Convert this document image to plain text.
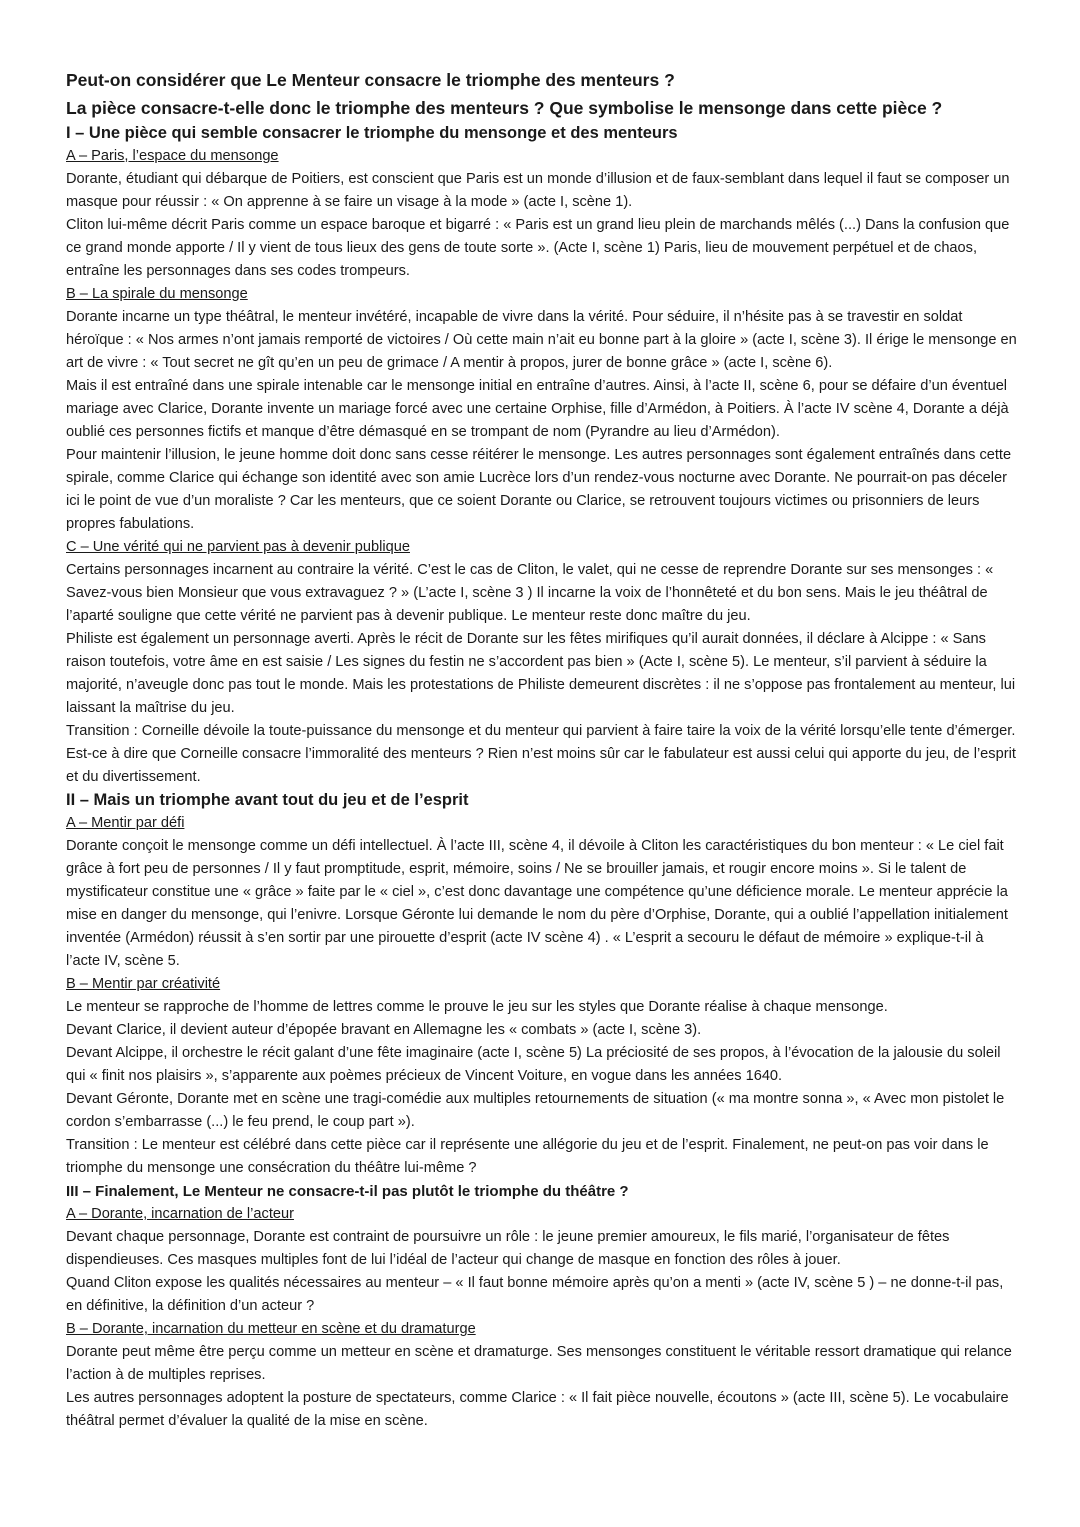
Peut-on considérer que Le Menteur consacre le triomphe des menteurs ?

La pièce consacre-t-elle donc le triomphe des menteurs ? Que symbolise le mensonge dans cette pièce ?

I – Une pièce qui semble consacrer le triomphe du mensonge et des menteurs

A – Paris, l’espace du mensonge

Dorante, étudiant qui débarque de Poitiers, est conscient que Paris est un monde d’illusion et de faux-semblant dans lequel il faut se composer un masque pour réussir : « On apprenne à se faire un visage à la mode » (acte I, scène 1).

Cliton lui-même décrit Paris comme un espace baroque et bigarré : « Paris est un grand lieu plein de marchands mêlés (...) Dans la confusion que ce grand monde apporte / Il y vient de tous lieux des gens de toute sorte ». (Acte I, scène 1) Paris, lieu de mouvement perpétuel et de chaos, entraîne les personnages dans ses codes trompeurs.

B – La spirale du mensonge

Dorante incarne un type théâtral, le menteur invétéré, incapable de vivre dans la vérité. Pour séduire, il n’hésite pas à se travestir en soldat héroïque : « Nos armes n’ont jamais remporté de victoires / Où cette main n’ait eu bonne part à la gloire » (acte I, scène 3). Il érige le mensonge en art de vivre : « Tout secret ne gît qu’en un peu de grimace / A mentir à propos, jurer de bonne grâce » (acte I, scène 6).

Mais il est entraîné dans une spirale intenable car le mensonge initial en entraîne d’autres. Ainsi, à l’acte II, scène 6, pour se défaire d’un éventuel mariage avec Clarice, Dorante invente un mariage forcé avec une certaine Orphise, fille d’Armédon, à Poitiers. À l’acte IV scène 4, Dorante a déjà oublié ces personnes fictifs et manque d’être démasqué en se trompant de nom (Pyrandre au lieu d’Armédon).

Pour maintenir l’illusion, le jeune homme doit donc sans cesse réitérer le mensonge. Les autres personnages sont également entraînés dans cette spirale, comme Clarice qui échange son identité avec son amie Lucrèce lors d’un rendez-vous nocturne avec Dorante. Ne pourrait-on pas déceler ici le point de vue d’un moraliste ? Car les menteurs, que ce soient Dorante ou Clarice, se retrouvent toujours victimes ou prisonniers de leurs propres fabulations.

C – Une vérité qui ne parvient pas à devenir publique

Certains personnages incarnent au contraire la vérité. C’est le cas de Cliton, le valet, qui ne cesse de reprendre Dorante sur ses mensonges : « Savez-vous bien Monsieur que vous extravaguez ? » (L’acte I, scène 3 ) Il incarne la voix de l’honnêteté et du bon sens. Mais le jeu théâtral de l’aparté souligne que cette vérité ne parvient pas à devenir publique. Le menteur reste donc maître du jeu.

Philiste est également un personnage averti. Après le récit de Dorante sur les fêtes mirifiques qu’il aurait données, il déclare à Alcippe : « Sans raison toutefois, votre âme en est saisie / Les signes du festin ne s’accordent pas bien » (Acte I, scène 5). Le menteur, s’il parvient à séduire la majorité, n’aveugle donc pas tout le monde. Mais les protestations de Philiste demeurent discrètes : il ne s’oppose pas frontalement au menteur, lui laissant la maîtrise du jeu.

Transition : Corneille dévoile la toute-puissance du mensonge et du menteur qui parvient à faire taire la voix de la vérité lorsqu’elle tente d’émerger. Est-ce à dire que Corneille consacre l’immoralité des menteurs ? Rien n’est moins sûr car le fabulateur est aussi celui qui apporte du jeu, de l’esprit et du divertissement.

II – Mais un triomphe avant tout du jeu et de l’esprit

A – Mentir par défi

Dorante conçoit le mensonge comme un défi intellectuel. À l’acte III, scène 4, il dévoile à Cliton les caractéristiques du bon menteur : « Le ciel fait grâce à fort peu de personnes / Il y faut promptitude, esprit, mémoire, soins / Ne se brouiller jamais, et rougir encore moins ». Si le talent de mystificateur constitue une « grâce » faite par le « ciel », c’est donc davantage une compétence qu’une déficience morale. Le menteur apprécie la mise en danger du mensonge, qui l’enivre. Lorsque Géronte lui demande le nom du père d’Orphise, Dorante, qui a oublié l’appellation initialement inventée (Armédon) réussit à s’en sortir par une pirouette d’esprit (acte IV scène 4) . « L’esprit a secouru le défaut de mémoire » explique-t-il à l’acte IV, scène 5.

B – Mentir par créativité

Le menteur se rapproche de l’homme de lettres comme le prouve le jeu sur les styles que Dorante réalise à chaque mensonge.

Devant Clarice, il devient auteur d’épopée bravant en Allemagne les « combats » (acte I, scène 3).

Devant Alcippe, il orchestre le récit galant d’une fête imaginaire (acte I, scène 5) La préciosité de ses propos, à l’évocation de la jalousie du soleil qui « finit nos plaisirs », s’apparente aux poèmes précieux de Vincent Voiture, en vogue dans les années 1640.

Devant Géronte, Dorante met en scène une tragi-comédie aux multiples retournements de situation (« ma montre sonna », « Avec mon pistolet le cordon s’embarrasse (...) le feu prend, le coup part »).

Transition : Le menteur est célébré dans cette pièce car il représente une allégorie du jeu et de l’esprit. Finalement, ne peut-on pas voir dans le triomphe du mensonge une consécration du théâtre lui-même ?

III – Finalement, Le Menteur ne consacre-t-il pas plutôt le triomphe du théâtre ?

A – Dorante, incarnation de l’acteur

Devant chaque personnage, Dorante est contraint de poursuivre un rôle : le jeune premier amoureux, le fils marié, l’organisateur de fêtes dispendieuses. Ces masques multiples font de lui l’idéal de l’acteur qui change de masque en fonction des rôles à jouer.

Quand Cliton expose les qualités nécessaires au menteur – « Il faut bonne mémoire après qu’on a menti » (acte IV, scène 5 ) – ne donne-t-il pas, en définitive, la définition d’un acteur ?

B – Dorante, incarnation du metteur en scène et du dramaturge

Dorante peut même être perçu comme un metteur en scène et dramaturge. Ses mensonges constituent le véritable ressort dramatique qui relance l’action à de multiples reprises.

Les autres personnages adoptent la posture de spectateurs, comme Clarice : « Il fait pièce nouvelle, écoutons » (acte III, scène 5). Le vocabulaire théâtral permet d’évaluer la qualité de la mise en scène.
